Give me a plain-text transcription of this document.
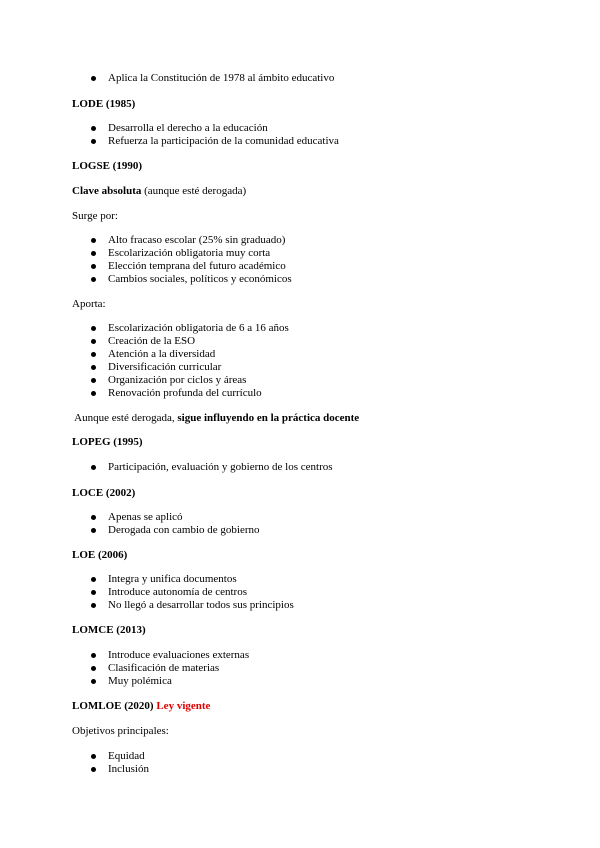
Aplica la Constitución de 1978 al ámbito educativo
LODE (1985)
Desarrolla el derecho a la educación
Refuerza la participación de la comunidad educativa
LOGSE (1990)
Clave absoluta (aunque esté derogada)
Surge por:
Alto fracaso escolar (25% sin graduado)
Escolarización obligatoria muy corta
Elección temprana del futuro académico
Cambios sociales, políticos y económicos
Aporta:
Escolarización obligatoria de 6 a 16 años
Creación de la ESO
Atención a la diversidad
Diversificación curricular
Organización por ciclos y áreas
Renovación profunda del currículo
Aunque esté derogada, sigue influyendo en la práctica docente
LOPEG (1995)
Participación, evaluación y gobierno de los centros
LOCE (2002)
Apenas se aplicó
Derogada con cambio de gobierno
LOE (2006)
Integra y unifica documentos
Introduce autonomía de centros
No llegó a desarrollar todos sus principios
LOMCE (2013)
Introduce evaluaciones externas
Clasificación de materias
Muy polémica
LOMLOE (2020) Ley vigente
Objetivos principales:
Equidad
Inclusión
